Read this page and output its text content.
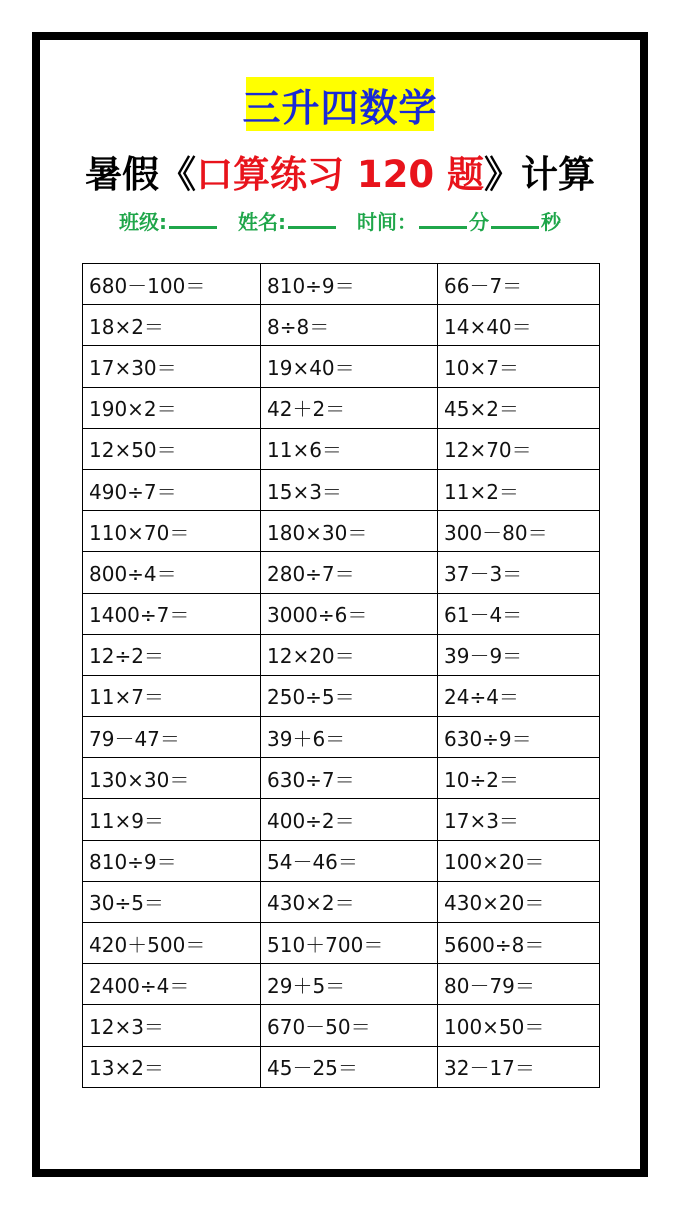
三升四数学
暑假《口算练习 120 题》计算
班级:	姓名:	时间：	分	秒
680－100＝	810÷9＝	66－7＝
18×2＝	8÷8＝	14×40＝
17×30＝	19×40＝	10×7＝
190×2＝	42＋2＝	45×2＝
12×50＝	11×6＝	12×70＝
490÷7＝	15×3＝	11×2＝
110×70＝	180×30＝	300－80＝
800÷4＝	280÷7＝	37－3＝
1400÷7＝	3000÷6＝	61－4＝
12÷2＝	12×20＝	39－9＝
11×7＝	250÷5＝	24÷4＝
79－47＝	39＋6＝	630÷9＝
130×30＝	630÷7＝	10÷2＝
11×9＝	400÷2＝	17×3＝
810÷9＝	54－46＝	100×20＝
30÷5＝	430×2＝	430×20＝
420＋500＝	510＋700＝	5600÷8＝
2400÷4＝	29＋5＝	80－79＝
12×3＝	670－50＝	100×50＝
13×2＝	45－25＝	32－17＝
